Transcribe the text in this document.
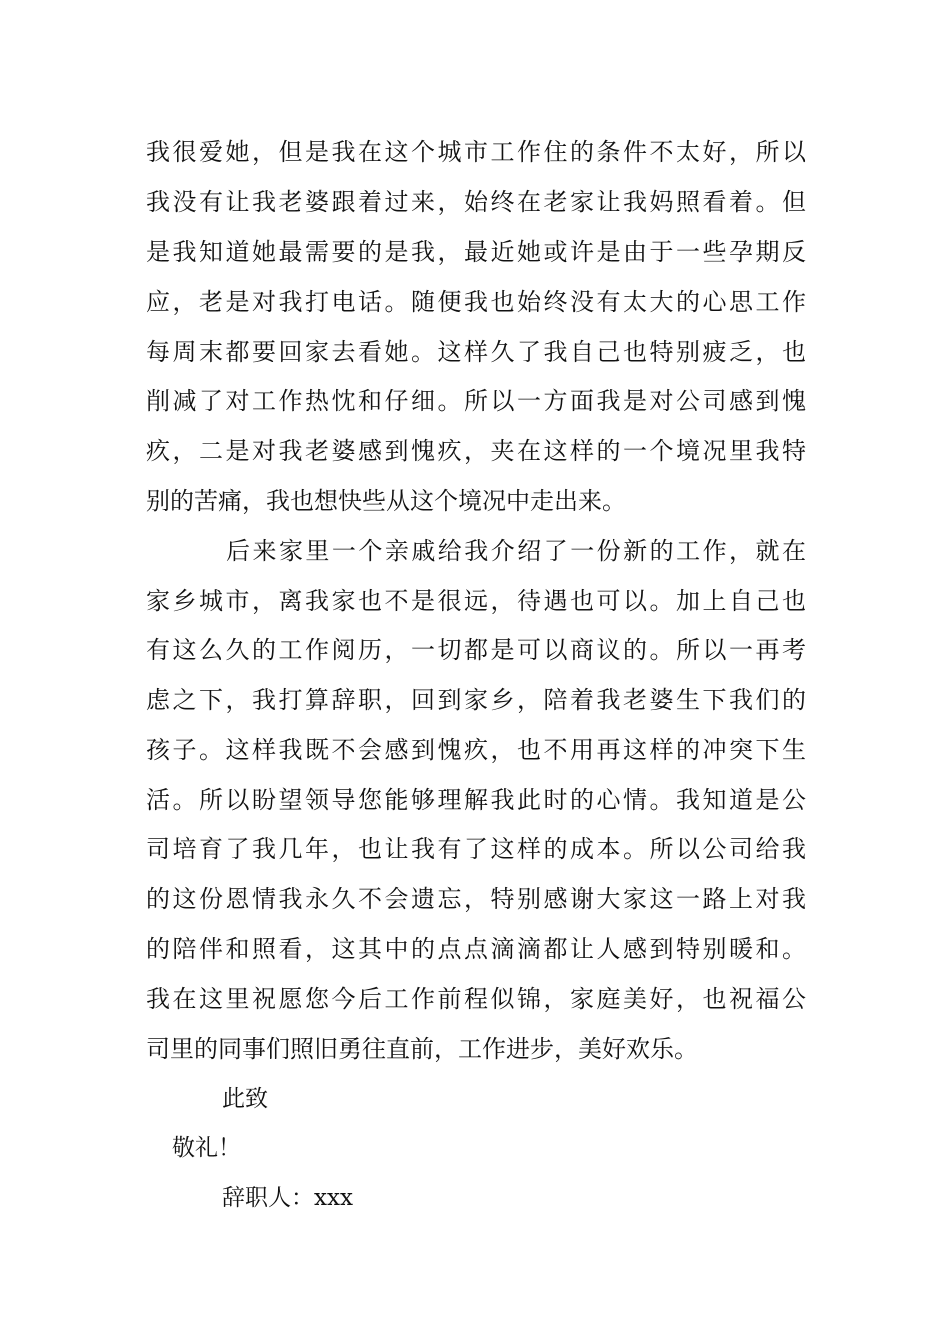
我很爱她，但是我在这个城市工作住的条件不太好，所以
我没有让我老婆跟着过来，始终在老家让我妈照看着。但
是我知道她最需要的是我，最近她或许是由于一些孕期反
应，老是对我打电话。随便我也始终没有太大的心思工作
每周末都要回家去看她。这样久了我自己也特别疲乏，也
削减了对工作热忱和仔细。所以一方面我是对公司感到愧
疚，二是对我老婆感到愧疚，夹在这样的一个境况里我特
别的苦痛，我也想快些从这个境况中走出来。
后来家里一个亲戚给我介绍了一份新的工作，就在
家乡城市，离我家也不是很远，待遇也可以。加上自己也
有这么久的工作阅历，一切都是可以商议的。所以一再考
虑之下，我打算辞职，回到家乡，陪着我老婆生下我们的
孩子。这样我既不会感到愧疚，也不用再这样的冲突下生
活。所以盼望领导您能够理解我此时的心情。我知道是公
司培育了我几年，也让我有了这样的成本。所以公司给我
的这份恩情我永久不会遗忘，特别感谢大家这一路上对我
的陪伴和照看，这其中的点点滴滴都让人感到特别暖和。
我在这里祝愿您今后工作前程似锦，家庭美好，也祝福公
司里的同事们照旧勇往直前，工作进步，美好欢乐。
此致
敬礼！
辞职人：xxx
